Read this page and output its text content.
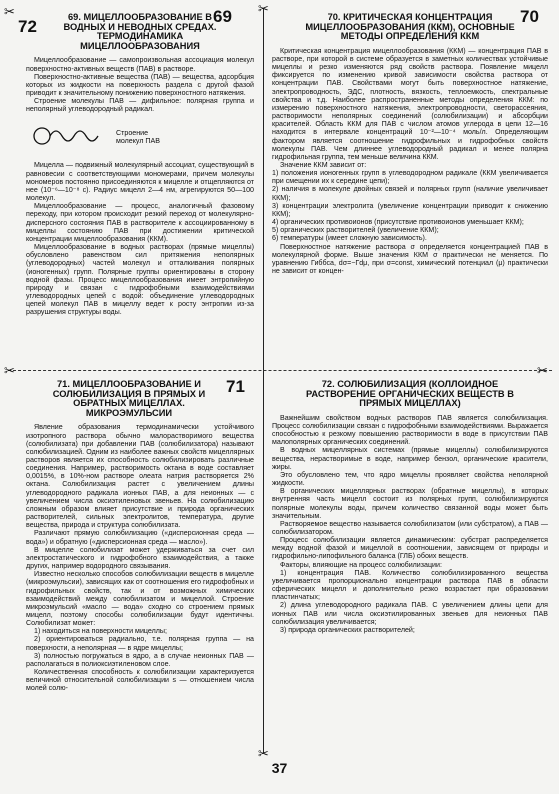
✂
✂	✂
✂
✂
72
69
69. МИЦЕЛЛООБРАЗОВАНИЕ В ВОДНЫХ И НЕВОДНЫХ СРЕДАХ. ТЕРМОДИНАМИКА МИЦЕЛЛООБРАЗОВАНИЯ

Мицеллообразование — самопроизвольная ассоциация молекул поверхностно-активных веществ (ПАВ) в растворе.

Поверхностно-активные вещества (ПАВ) — вещества, адсорбция которых из жидкости на поверхность раздела с другой фазой приводит к значительному понижению поверхностного натяжения.

Строение молекулы ПАВ — дифильное: полярная группа и неполярный углеводородный радикал.

Строение молекул ПАВ

Мицелла — подвижный молекулярный ассоциат, существующий в равновесии с соответствующими мономерами, причем молекулы мономеров постоянно присоединяются к мицелле и отщепляются от нее (10⁻⁶—10⁻⁸ с). Радиус мицелл 2—4 нм, агрегируются 50—100 молекул.

Мицеллообразование — процесс, аналогичный фазовому переходу, при котором происходит резкий переход от молекулярно-дисперсного состояния ПАВ в растворителе к ассоциированному в мицеллы состоянию ПАВ при достижении критической концентрации мицеллообразования (ККМ).

Мицеллообразование в водных растворах (прямые мицеллы) обусловлено равенством сил притяжения неполярных (углеводородных) частей молекул и отталкивания полярных (ионогенных) групп. Полярные группы ориентированы в сторону водной фазы. Процесс мицеллообразования имеет энтропийную природу и связан с гидрофобными взаимодействиями углеводородных цепей с водой: объединение углеводородных цепей молекул ПАВ в мицеллу ведет к росту энтропии из-за разрушения структуры воды.

70
70. КРИТИЧЕСКАЯ КОНЦЕНТРАЦИЯ МИЦЕЛЛООБРАЗОВАНИЯ (ККМ), ОСНОВНЫЕ МЕТОДЫ ОПРЕДЕЛЕНИЯ ККМ

Критическая концентрация мицеллообразования (ККМ) — концентрация ПАВ в растворе, при которой в системе образуется в заметных количествах устойчивые мицеллы и резко изменяются ряд свойств раствора. Появление мицелл фиксируется по изменению кривой зависимости свойства раствора от концентрации ПАВ. Свойствами могут быть поверхностное натяжение, электропроводность, ЭДС, плотность, вязкость, теплоемкость, спектральные свойства и т.д. Наиболее распространенные методы определения ККМ: по измерению поверхностного натяжения, электропроводности, светорассеяния, растворимости неполярных соединений (солюбилизации) и абсорбции красителей. Область ККМ для ПАВ с числом атомов углерода в цепи 12—16 находится в интервале концентраций 10⁻²—10⁻⁴ моль/л. Определяющим фактором является соотношение гидрофильных и гидрофобных свойств молекулы ПАВ. Чем длиннее углеводородный радикал и менее полярна гидрофильная группа, тем меньше величина ККМ.

Значение ККМ зависит от:

1) положения ионогенных групп в углеводородном радикале (ККМ увеличивается при смещении их к середине цепи);

2) наличия в молекуле двойных связей и полярных групп (наличие увеличивает ККМ);

3) концентрации электролита (увеличение концентрации приводит к снижению ККМ);

4) органических противоионов (присутствие противоионов уменьшает ККМ);

5) органических растворителей (увеличение ККМ);

6) температуры (имеет сложную зависимость).

Поверхностное натяжение раствора σ определяется концентрацией ПАВ в молекулярной форме. Выше значения ККМ σ практически не меняется. По уравнению Гиббса, dσ=−Гdμ, при σ=const, химический потенциал (μ) практически не зависит от концен-

71
71. МИЦЕЛЛООБРАЗОВАНИЕ И СОЛЮБИЛИЗАЦИЯ В ПРЯМЫХ И ОБРАТНЫХ МИЦЕЛЛАХ. МИКРОЭМУЛЬСИИ

Явление образования термодинамически устойчивого изотропного раствора обычно малорастворимого вещества (солюбилизата) при добавлении ПАВ (солюбилизатора) называют солюбилизацией. Одним из наиболее важных свойств мицеллярных растворов является их способность солюбилизировать различные соединения. Например, растворимость октана в воде составляет 0,0015%, в 10%-ном растворе олеата натрия растворяется 2% октана. Солюбилизация растет с увеличением длины углеводородного радикала ионных ПАВ, а для неионных — с увеличением числа оксиэтиленовых звеньев. На солюбилизацию сложным образом влияет присутствие и природа органических растворителей, сильных электролитов, температура, другие вещества, природа и структура солюбилизата.

Различают прямую солюбилизацию («дисперсионная среда — вода») и обратную («дисперсионная среда — масло»).

В мицелле солюбилизат может удерживаться за счет сил электростатического и гидрофобного взаимодействия, а также других, например водородного связывания.

Известно несколько способов солюбилизации веществ в мицелле (микроэмульсии), зависящих как от соотношения его гидрофобных и гидрофильных свойств, так и от возможных химических взаимодействий между солюбилизатом и мицеллой. Строение микроэмульсий «масло — вода» сходно со строением прямых мицелл, поэтому способы солюбилизации будут идентичны. Солюбилизат может:

1) находиться на поверхности мицеллы;

2) ориентироваться радиально, т.е. полярная группа — на поверхности, а неполярная — в ядре мицеллы;

3) полностью погружаться в ядро, а в случае неионных ПАВ — располагаться в полиоксиэтиленовом слое.

Количественная способность к солюбилизации характеризуется величиной относительной солюбилизации s — отношением числа молей солю-

72. СОЛЮБИЛИЗАЦИЯ (КОЛЛОИДНОЕ РАСТВОРЕНИЕ ОРГАНИЧЕСКИХ ВЕЩЕСТВ В ПРЯМЫХ МИЦЕЛЛАХ)

Важнейшим свойством водных растворов ПАВ является солюбилизация. Процесс солюбилизации связан с гидрофобными взаимодействиями. Выражается способностью к резкому повышению растворимости в воде в присутствии ПАВ малополярных органических соединений.

В водных мицеллярных системах (прямые мицеллы) солюбилизируются вещества, нерастворимые в воде, например бензол, органические красители, жиры.

Это обусловлено тем, что ядро мицеллы проявляет свойства неполярной жидкости.

В органических мицеллярных растворах (обратные мицеллы), в которых внутренняя часть мицелл состоит из полярных групп, солюбилизируются полярные молекулы воды, причем количество связанной воды может быть значительным.

Растворяемое вещество называется солюбилизатом (или субстратом), а ПАВ — солюбилизатором.

Процесс солюбилизации является динамическим: субстрат распределяется между водной фазой и мицеллой в соотношении, зависящем от природы и гидрофильно-липофильного баланса (ГЛБ) обоих веществ.

Факторы, влияющие на процесс солюбилизации:

1) концентрация ПАВ. Количество солюбилизированного вещества увеличивается пропорционально концентрации раствора ПАВ в области сферических мицелл и дополнительно резко возрастает при образовании пластинчатых;

2) длина углеводородного радикала ПАВ. С увеличением длины цепи для ионных ПАВ или числа оксиэтилированных звеньев для неионных ПАВ солюбилизация увеличивается;

3) природа органических растворителей;

37
